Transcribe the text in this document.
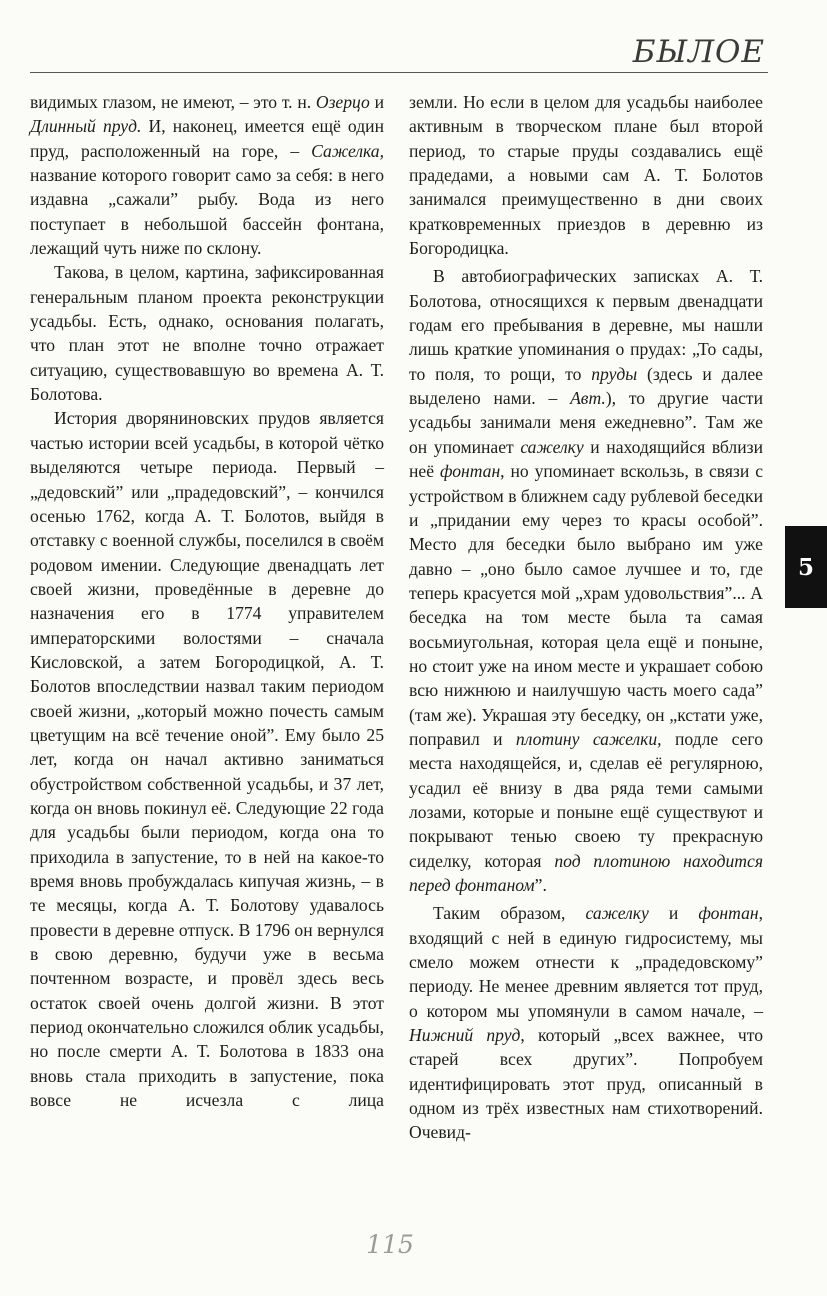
БЫЛОЕ

видимых глазом, не имеют, – это т. н. Озерцо и Длинный пруд. И, наконец, имеется ещё один пруд, расположенный на горе, – Сажелка, название которого говорит само за себя: в него издавна „сажали” рыбу. Вода из него поступает в небольшой бассейн фонтана, лежащий чуть ниже по склону.

Такова, в целом, картина, зафиксированная генеральным планом проекта реконструкции усадьбы. Есть, однако, основания полагать, что план этот не вполне точно отражает ситуацию, существовавшую во времена А. Т. Болотова.

История дворяниновских прудов является частью истории всей усадьбы, в которой чётко выделяются четыре периода. Первый – „дедовский” или „прадедовский”, – кончился осенью 1762, когда А. Т. Болотов, выйдя в отставку с военной службы, поселился в своём родовом имении. Следующие двенадцать лет своей жизни, проведённые в деревне до назначения его в 1774 управителем императорскими волостями – сначала Кисловской, а затем Богородицкой, А. Т. Болотов впоследствии назвал таким периодом своей жизни, „который можно почесть самым цветущим на всё течение оной”. Ему было 25 лет, когда он начал активно заниматься обустройством собственной усадьбы, и 37 лет, когда он вновь покинул её. Следующие 22 года для усадьбы были периодом, когда она то приходила в запустение, то в ней на какое-то время вновь пробуждалась кипучая жизнь, – в те месяцы, когда А. Т. Болотову удавалось провести в деревне отпуск. В 1796 он вернулся в свою деревню, будучи уже в весьма почтенном возрасте, и провёл здесь весь остаток своей очень долгой жизни. В этот период окончательно сложился облик усадьбы, но после смерти А. Т. Болотова в 1833 она вновь стала приходить в запустение, пока вовсе не исчезла с лица

земли. Но если в целом для усадьбы наиболее активным в творческом плане был второй период, то старые пруды создавались ещё прадедами, а новыми сам А. Т. Болотов занимался преимущественно в дни своих кратковременных приездов в деревню из Богородицка.

В автобиографических записках А. Т. Болотова, относящихся к первым двенадцати годам его пребывания в деревне, мы нашли лишь краткие упоминания о прудах: „То сады, то поля, то рощи, то пруды (здесь и далее выделено нами. – Авт.), то другие части усадьбы занимали меня ежедневно”. Там же он упоминает сажелку и находящийся вблизи неё фонтан, но упоминает вскользь, в связи с устройством в ближнем саду рублевой беседки и „придании ему через то красы особой”. Место для беседки было выбрано им уже давно – „оно было самое лучшее и то, где теперь красуется мой „храм удовольствия”... А беседка на том месте была та самая восьмиугольная, которая цела ещё и поныне, но стоит уже на ином месте и украшает собою всю нижнюю и наилучшую часть моего сада” (там же). Украшая эту беседку, он „кстати уже, поправил и плотину сажелки, подле сего места находящейся, и, сделав её регулярною, усадил её внизу в два ряда теми самыми лозами, которые и поныне ещё существуют и покрывают тенью своею ту прекрасную сиделку, которая под плотиною находится перед фонтаном”.

Таким образом, сажелку и фонтан, входящий с ней в единую гидросистему, мы смело можем отнести к „прадедовскому” периоду. Не менее древним является тот пруд, о котором мы упомянули в самом начале, – Нижний пруд, который „всех важнее, что старей всех других”. Попробуем идентифицировать этот пруд, описанный в одном из трёх известных нам стихотворений. Очевид-

5
115
